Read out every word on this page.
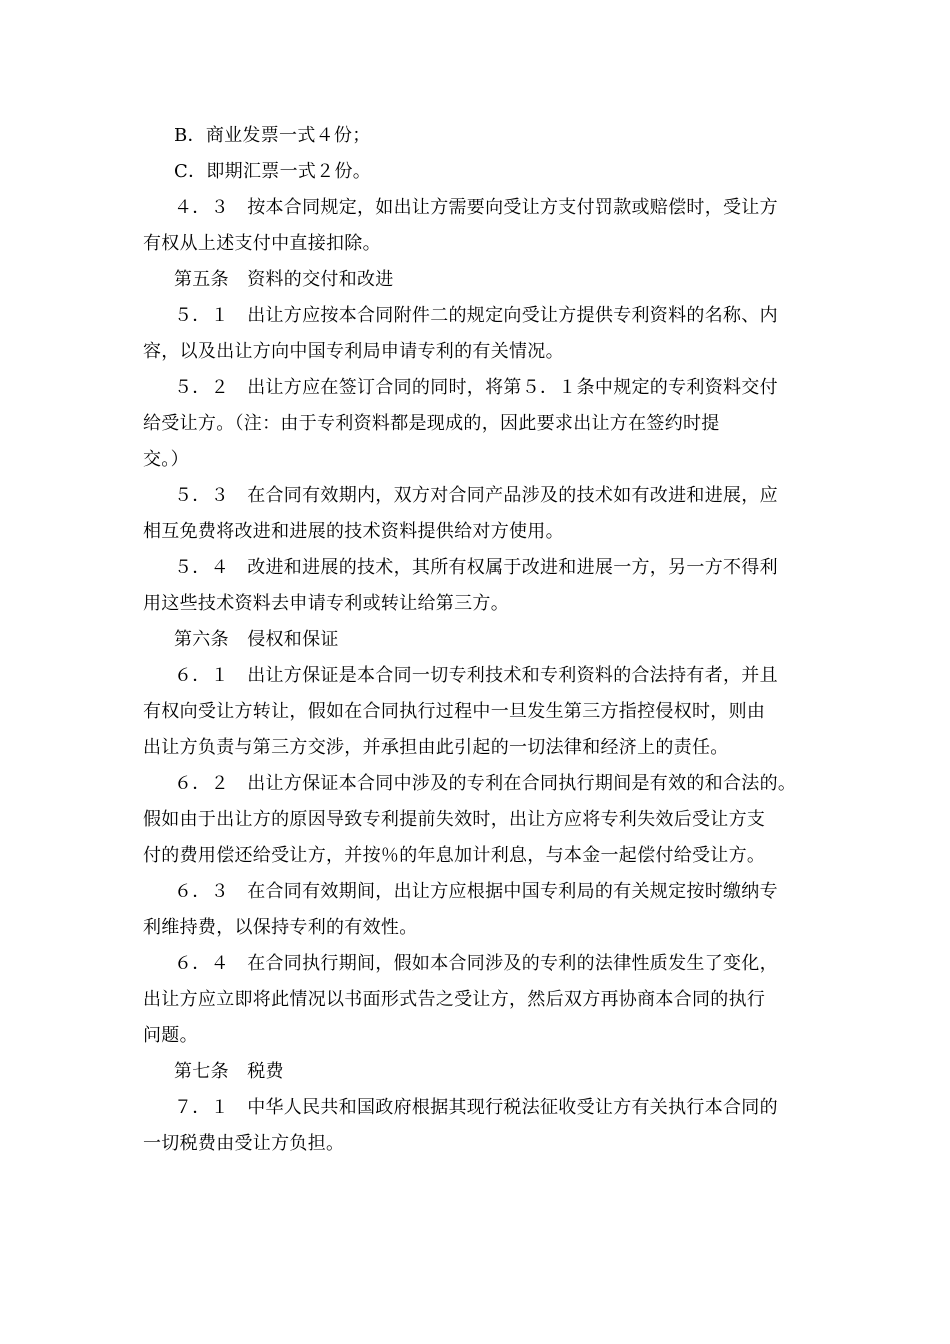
B．商业发票一式４份；
C．即期汇票一式２份。
４．３　按本合同规定，如出让方需要向受让方支付罚款或赔偿时，受让方
有权从上述支付中直接扣除。
第五条　资料的交付和改进
５．１　出让方应按本合同附件二的规定向受让方提供专利资料的名称、内
容，以及出让方向中国专利局申请专利的有关情况。
５．２　出让方应在签订合同的同时，将第５．１条中规定的专利资料交付
给受让方。（注：由于专利资料都是现成的，因此要求出让方在签约时提
交。）
５．３　在合同有效期内，双方对合同产品涉及的技术如有改进和进展，应
相互免费将改进和进展的技术资料提供给对方使用。
５．４　改进和进展的技术，其所有权属于改进和进展一方，另一方不得利
用这些技术资料去申请专利或转让给第三方。
第六条　侵权和保证
６．１　出让方保证是本合同一切专利技术和专利资料的合法持有者，并且
有权向受让方转让，假如在合同执行过程中一旦发生第三方指控侵权时，则由
出让方负责与第三方交涉，并承担由此引起的一切法律和经济上的责任。
６．２　出让方保证本合同中涉及的专利在合同执行期间是有效的和合法的。
假如由于出让方的原因导致专利提前失效时，出让方应将专利失效后受让方支
付的费用偿还给受让方，并按％的年息加计利息，与本金一起偿付给受让方。
６．３　在合同有效期间，出让方应根据中国专利局的有关规定按时缴纳专
利维持费，以保持专利的有效性。
６．４　在合同执行期间，假如本合同涉及的专利的法律性质发生了变化，
出让方应立即将此情况以书面形式告之受让方，然后双方再协商本合同的执行
问题。
第七条　税费
７．１　中华人民共和国政府根据其现行税法征收受让方有关执行本合同的
一切税费由受让方负担。
